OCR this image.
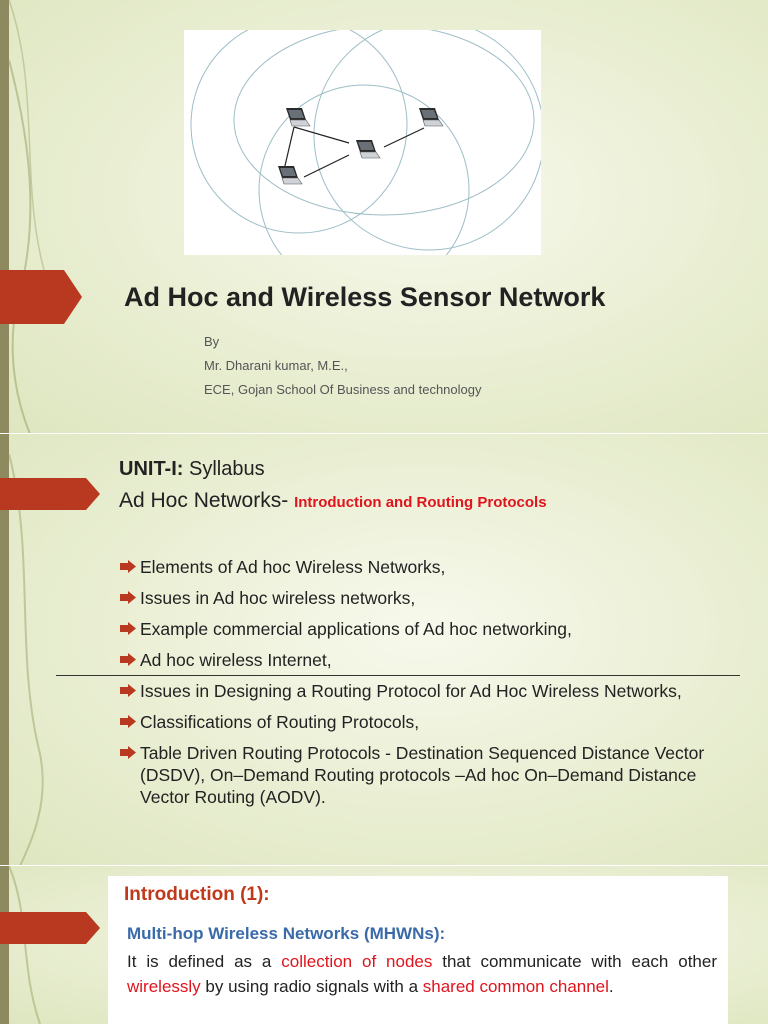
Ad Hoc and Wireless Sensor Network
By
Mr. Dharani kumar, M.E.,
ECE, Gojan School Of Business and technology
UNIT-I: Syllabus
Ad Hoc Networks- Introduction and Routing Protocols
Elements of Ad hoc Wireless Networks,
Issues in Ad hoc wireless networks,
Example commercial applications of Ad hoc networking,
Ad hoc wireless Internet,
Issues in Designing a Routing Protocol for Ad Hoc Wireless Networks,
Classifications of Routing Protocols,
Table Driven Routing Protocols - Destination Sequenced Distance Vector (DSDV), On–Demand Routing protocols –Ad hoc On–Demand Distance Vector Routing (AODV).
Introduction (1):
Multi-hop Wireless Networks (MHWNs):
It is defined as a collection of nodes that communicate with each other wirelessly by using radio signals with a shared common channel.
